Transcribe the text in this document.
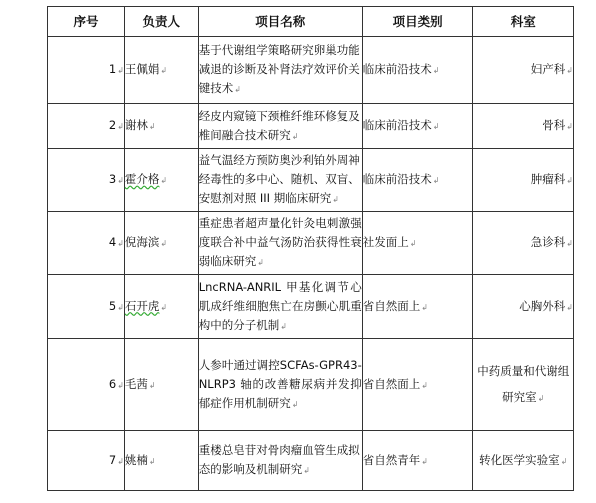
序号	负责人	项目名称	项目类别	科室
1↲	王佩娟↲	基于代谢组学策略研究卵巢功能减退的诊断及补肾法疗效评价关键技术↲	临床前沿技术↲	妇产科↲
2↲	谢林↲	经皮内窥镜下颈椎纤维环修复及椎间融合技术研究↲	临床前沿技术↲	骨科↲
3↲	霍介格↲	益气温经方预防奥沙利铂外周神经毒性的多中心、随机、双盲、安慰剂对照 III 期临床研究↲	临床前沿技术↲	肿瘤科↲
4↲	倪海滨↲	重症患者超声量化针灸电刺激强度联合补中益气汤防治获得性衰弱临床研究↲	社发面上↲	急诊科↲
5↲	石开虎↲	LncRNA-ANRIL 甲基化调节心肌成纤维细胞焦亡在房颤心肌重构中的分子机制↲	省自然面上↲	心胸外科↲
6↲	毛茜↲	人参叶通过调控SCFAs-GPR43-NLRP3 轴的改善糖尿病并发抑郁症作用机制研究↲	省自然面上↲	中药质量和代谢组研究室↲
7↲	姚楠↲	重楼总皂苷对骨肉瘤血管生成拟态的影响及机制研究↲	省自然青年↲	转化医学实验室↲
